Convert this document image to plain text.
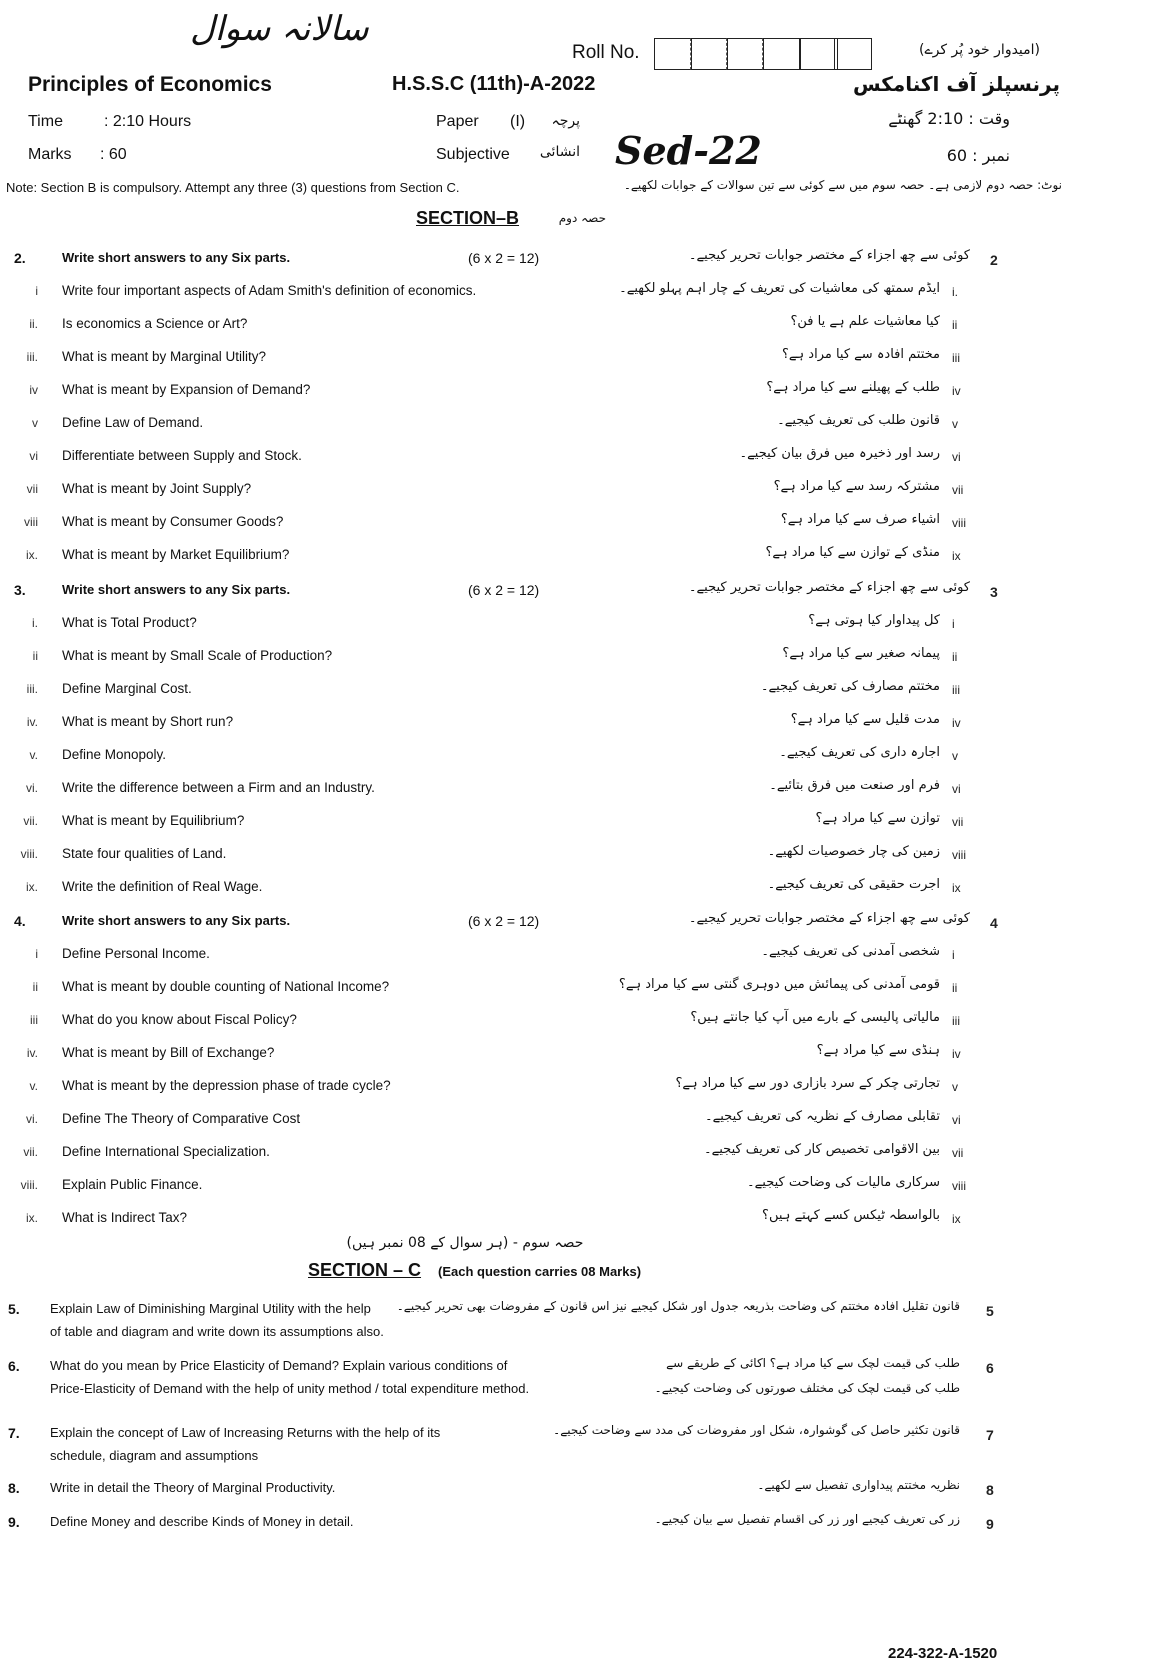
سالانہ سوال
Roll No.	(امیدوار خود پُر کرے)
Principles of Economics	H.S.S.C (11th)-A-2022	پرنسپلز آف اکنامکس
Time	: 2:10 Hours	Paper (I)	پرچہ	وقت : 2:10 گھنٹے
Marks : 60	Subjective انشائی Sed-22	نمبر : 60
Note: Section B is compulsory. Attempt any three (3) questions from Section C.	نوٹ: حصہ دوم لازمی ہے۔ حصہ سوم میں سے کوئی سے تین سوالات کے جوابات لکھیے۔
SECTION–B	حصہ دوم
2.	Write short answers to any Six parts.	(6 x 2 = 12)	کوئی سے چھ اجزاء کے مختصر جوابات تحریر کیجیے۔ 2
i Write four important aspects of Adam Smith's definition of economics.	ایڈم سمتھ کی معاشیات کی تعریف کے چار اہم پہلو لکھیے۔ i.
ii. Is economics a Science or Art?	کیا معاشیات علم ہے یا فن؟ ii
iii. What is meant by Marginal Utility?	مختتم افادہ سے کیا مراد ہے؟ iii
iv What is meant by Expansion of Demand?	طلب کے پھیلنے سے کیا مراد ہے؟ iv
v Define Law of Demand.	قانون طلب کی تعریف کیجیے۔ v
vi Differentiate between Supply and Stock.	رسد اور ذخیرہ میں فرق بیان کیجیے۔ vi
vii What is meant by Joint Supply?	مشترکہ رسد سے کیا مراد ہے؟ vii
viii What is meant by Consumer Goods?	اشیاء صرف سے کیا مراد ہے؟ viii
ix. What is meant by Market Equilibrium?	منڈی کے توازن سے کیا مراد ہے؟ ix
3.	Write short answers to any Six parts.	(6 x 2 = 12)	کوئی سے چھ اجزاء کے مختصر جوابات تحریر کیجیے۔ 3
i. What is Total Product?	کل پیداوار کیا ہوتی ہے؟ i
ii What is meant by Small Scale of Production?	پیمانہ صغیر سے کیا مراد ہے؟ ii
iii. Define Marginal Cost.	مختتم مصارف کی تعریف کیجیے۔ iii
iv. What is meant by Short run?	مدت قلیل سے کیا مراد ہے؟ iv
v. Define Monopoly.	اجارہ داری کی تعریف کیجیے۔ v
vi. Write the difference between a Firm and an Industry.	فرم اور صنعت میں فرق بتائیے۔ vi
vii. What is meant by Equilibrium?	توازن سے کیا مراد ہے؟ vii
viii. State four qualities of Land.	زمین کی چار خصوصیات لکھیے۔ viii
ix. Write the definition of Real Wage.	اجرت حقیقی کی تعریف کیجیے۔ ix
4.	Write short answers to any Six parts.	(6 x 2 = 12)	کوئی سے چھ اجزاء کے مختصر جوابات تحریر کیجیے۔ 4
i Define Personal Income.	شخصی آمدنی کی تعریف کیجیے۔ i
ii What is meant by double counting of National Income?	قومی آمدنی کی پیمائش میں دوہری گنتی سے کیا مراد ہے؟ ii
iii What do you know about Fiscal Policy?	مالیاتی پالیسی کے بارے میں آپ کیا جانتے ہیں؟ iii
iv. What is meant by Bill of Exchange?	ہنڈی سے کیا مراد ہے؟ iv
v. What is meant by the depression phase of trade cycle?	تجارتی چکر کے سرد بازاری دور سے کیا مراد ہے؟ v
vi. Define The Theory of Comparative Cost	تقابلی مصارف کے نظریہ کی تعریف کیجیے۔ vi
vii. Define International Specialization.	بین الاقوامی تخصیص کار کی تعریف کیجیے۔ vii
viii. Explain Public Finance.	سرکاری مالیات کی وضاحت کیجیے۔ viii
ix. What is Indirect Tax?	بالواسطہ ٹیکس کسے کہتے ہیں؟ ix
حصہ سوم - (ہر سوال کے 08 نمبر ہیں)
SECTION – C (Each question carries 08 Marks)
5. Explain Law of Diminishing Marginal Utility with the help
of table and diagram and write down its assumptions also.
قانون تقلیل افادہ مختتم کی وضاحت بذریعہ جدول اور شکل کیجیے نیز اس قانون کے مفروضات بھی تحریر کیجیے۔ 5
6. What do you mean by Price Elasticity of Demand? Explain various conditions of
Price-Elasticity of Demand with the help of unity method / total expenditure method.
طلب کی قیمت لچک سے کیا مراد ہے؟ اکائی کے طریقے سے
طلب کی قیمت لچک کی مختلف صورتوں کی وضاحت کیجیے۔
6
7. Explain the concept of Law of Increasing Returns with the help of its
schedule, diagram and assumptions
قانون تکثیر حاصل کی گوشوارہ، شکل اور مفروضات کی مدد سے وضاحت کیجیے۔ 7
8. Write in detail the Theory of Marginal Productivity.	نظریہ مختتم پیداواری تفصیل سے لکھیے۔ 8
9. Define Money and describe Kinds of Money in detail.	زر کی تعریف کیجیے اور زر کی اقسام تفصیل سے بیان کیجیے۔ 9
224-322-A-1520
